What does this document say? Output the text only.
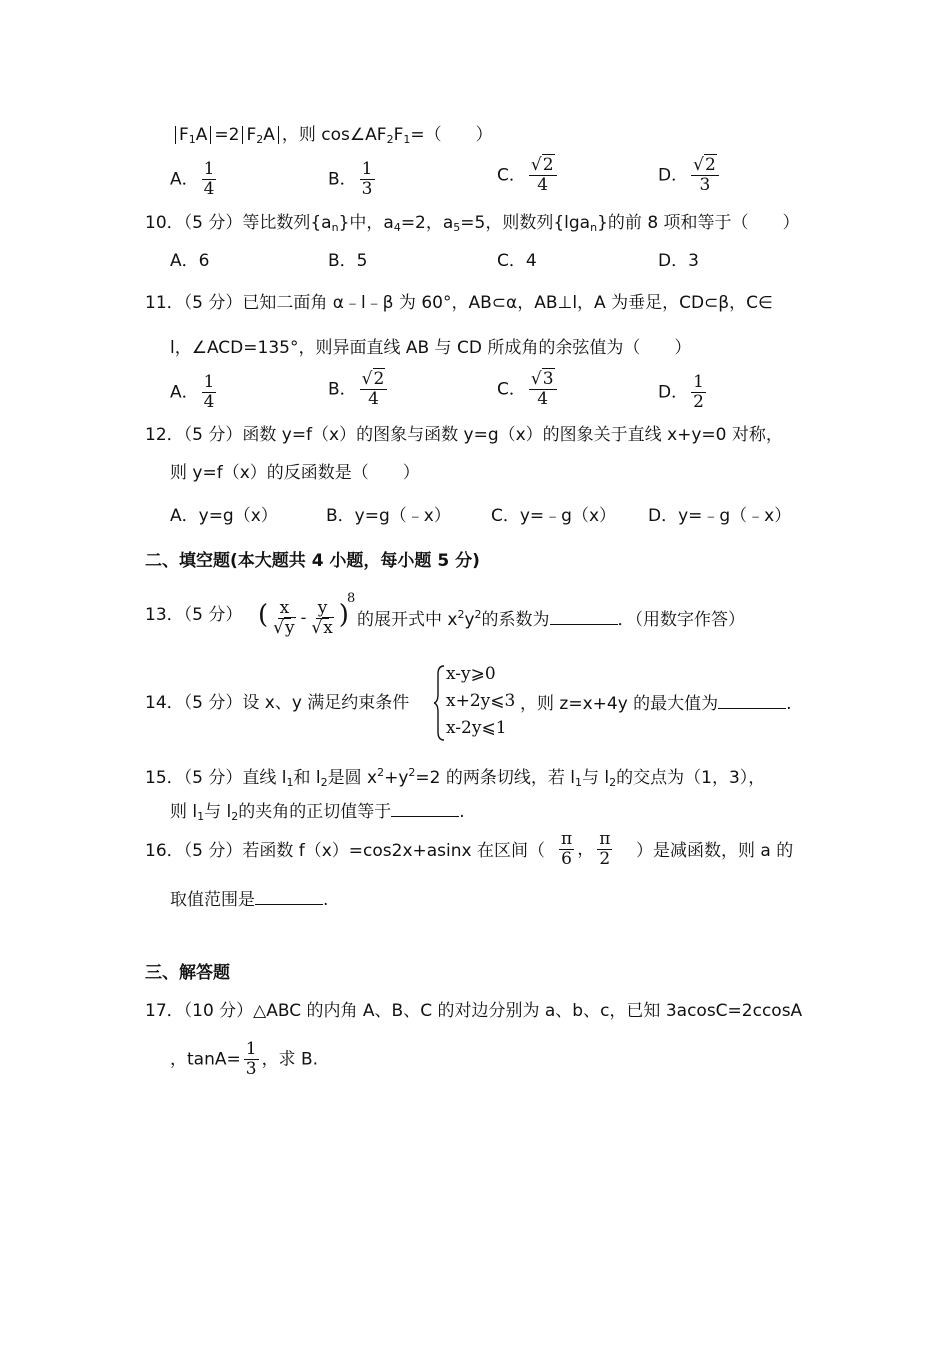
$F_1A =2$ $F_2A$ ，则 $\cos\angle AF_2F_1=$（　　）
A． $\frac{1}{4}$	B． $\frac{1}{3}$	C． $\frac{√2}{4}$	D． $\frac{√2}{3}$
10．（5 分）等比数列$\{a_n\}$中，$a_4=2$，$a_5=5$，则数列{lga$_n$}的前 8 项和等于（　　）
A．6	B．5	C．4	D．3
11．（5 分）已知二面角 α﹣l﹣β 为 60°，AB⊂α，AB⊥l，A 为垂足，CD⊂β，C∈
l，∠ACD=135°，则异面直线 AB 与 CD 所成角的余弦值为（　　）
A． $\frac{1}{4}$	B． $\frac{√2}{4}$	C． $\frac{√3}{4}$	D． $\frac{1}{2}$
12．（5 分）函数 y=f（x）的图象与函数 y=g（x）的图象关于直线 x+y=0 对称，
则 y=f（x）的反函数是（　　）
A．y=g（x）	B．y=g（﹣x） C．y=﹣g（x） D．y=﹣g（﹣x）
二、填空题(本大题共 4 小题，每小题 5 分)
13．（5 分） ( $\frac{x}{√y} - \frac{y}{√x}$ )
8
的展开式中 $x^2y^2$的系数为	．（用数字作答）
14．（5 分）设 x、y 满足约束条件
x-y⩾0
x+2y⩽3
x-2y⩽1
，则 z=x+4y 的最大值为	.
15．（5 分）直线 $l_1$和 $l_2$是圆 $x^2+y^2=2$ 的两条切线，若 $l_1$与 $l_2$的交点为（1，3），
则 $l_1$与 $l_2$的夹角的正切值等于	.
16．（5 分）若函数 f（x）=cos2x+asinx 在区间（ $\frac{\pi}{6}$ ， $\frac{\pi}{2}$ ）是减函数，则 a 的
取值范围是	.
三、解答题
17．（10 分）△ABC 的内角 A、B、C 的对边分别为 a、b、c，已知 3acosC=2ccosA
，$\tan A= \frac{1}{3}$ ，求 B.
